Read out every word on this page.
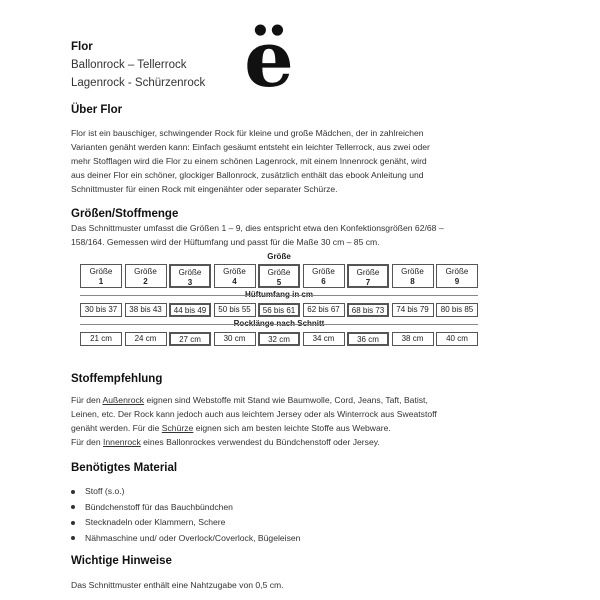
Flor
Ballonrock – Tellerrock
Lagenrock - Schürzenrock ë
Über Flor

Flor ist ein bauschiger, schwingender Rock für kleine und große Mädchen, der in zahlreichen

Varianten genäht werden kann: Einfach gesäumt entsteht ein leichter Tellerrock, aus zwei oder

mehr Stofflagen wird die Flor zu einem schönen Lagenrock, mit einem Innenrock genäht, wird

aus deiner Flor ein schöner, glockiger Ballonrock, zusätzlich enthält das ebook Anleitung und

Schnittmuster für einen Rock mit eingenähter oder separater Schürze.

Größen/Stoffmenge

Das Schnittmuster umfasst die Größen 1 – 9, dies entspricht etwa den Konfektionsgrößen 62/68 –

158/164. Gemessen wird der Hüftumfang und passt für die Maße 30 cm – 85 cm.

Größe
Hüftumfang in cm
Rocklänge nach Schnitt
Größe
1
30 bis 37
21 cm
Größe
2
38 bis 43
24 cm
Größe
3
44 bis 49
27 cm
Größe
4
50 bis 55
30 cm
Größe
5
56 bis 61
32 cm
Größe
6
62 bis 67
34 cm
Größe
7
68 bis 73
36 cm
Größe
8
74 bis 79
38 cm
Größe
9
80 bis 85
40 cm
Stoffempfehlung

Für den Außenrock eignen sind Webstoffe mit Stand wie Baumwolle, Cord, Jeans, Taft, Batist,

Leinen, etc. Der Rock kann jedoch auch aus leichtem Jersey oder als Winterrock aus Sweatstoff

genäht werden. Für die Schürze eignen sich am besten leichte Stoffe aus Webware.

Für den Innenrock eines Ballonrockes verwendest du Bündchenstoff oder Jersey.

Benötigtes Material
Stoff (s.o.)
Bündchenstoff für das Bauchbündchen
Stecknadeln oder Klammern, Schere
Nähmaschine und/ oder Overlock/Coverlock, Bügeleisen
Wichtige Hinweise
Das Schnittmuster enthält eine Nahtzugabe von 0,5 cm.
